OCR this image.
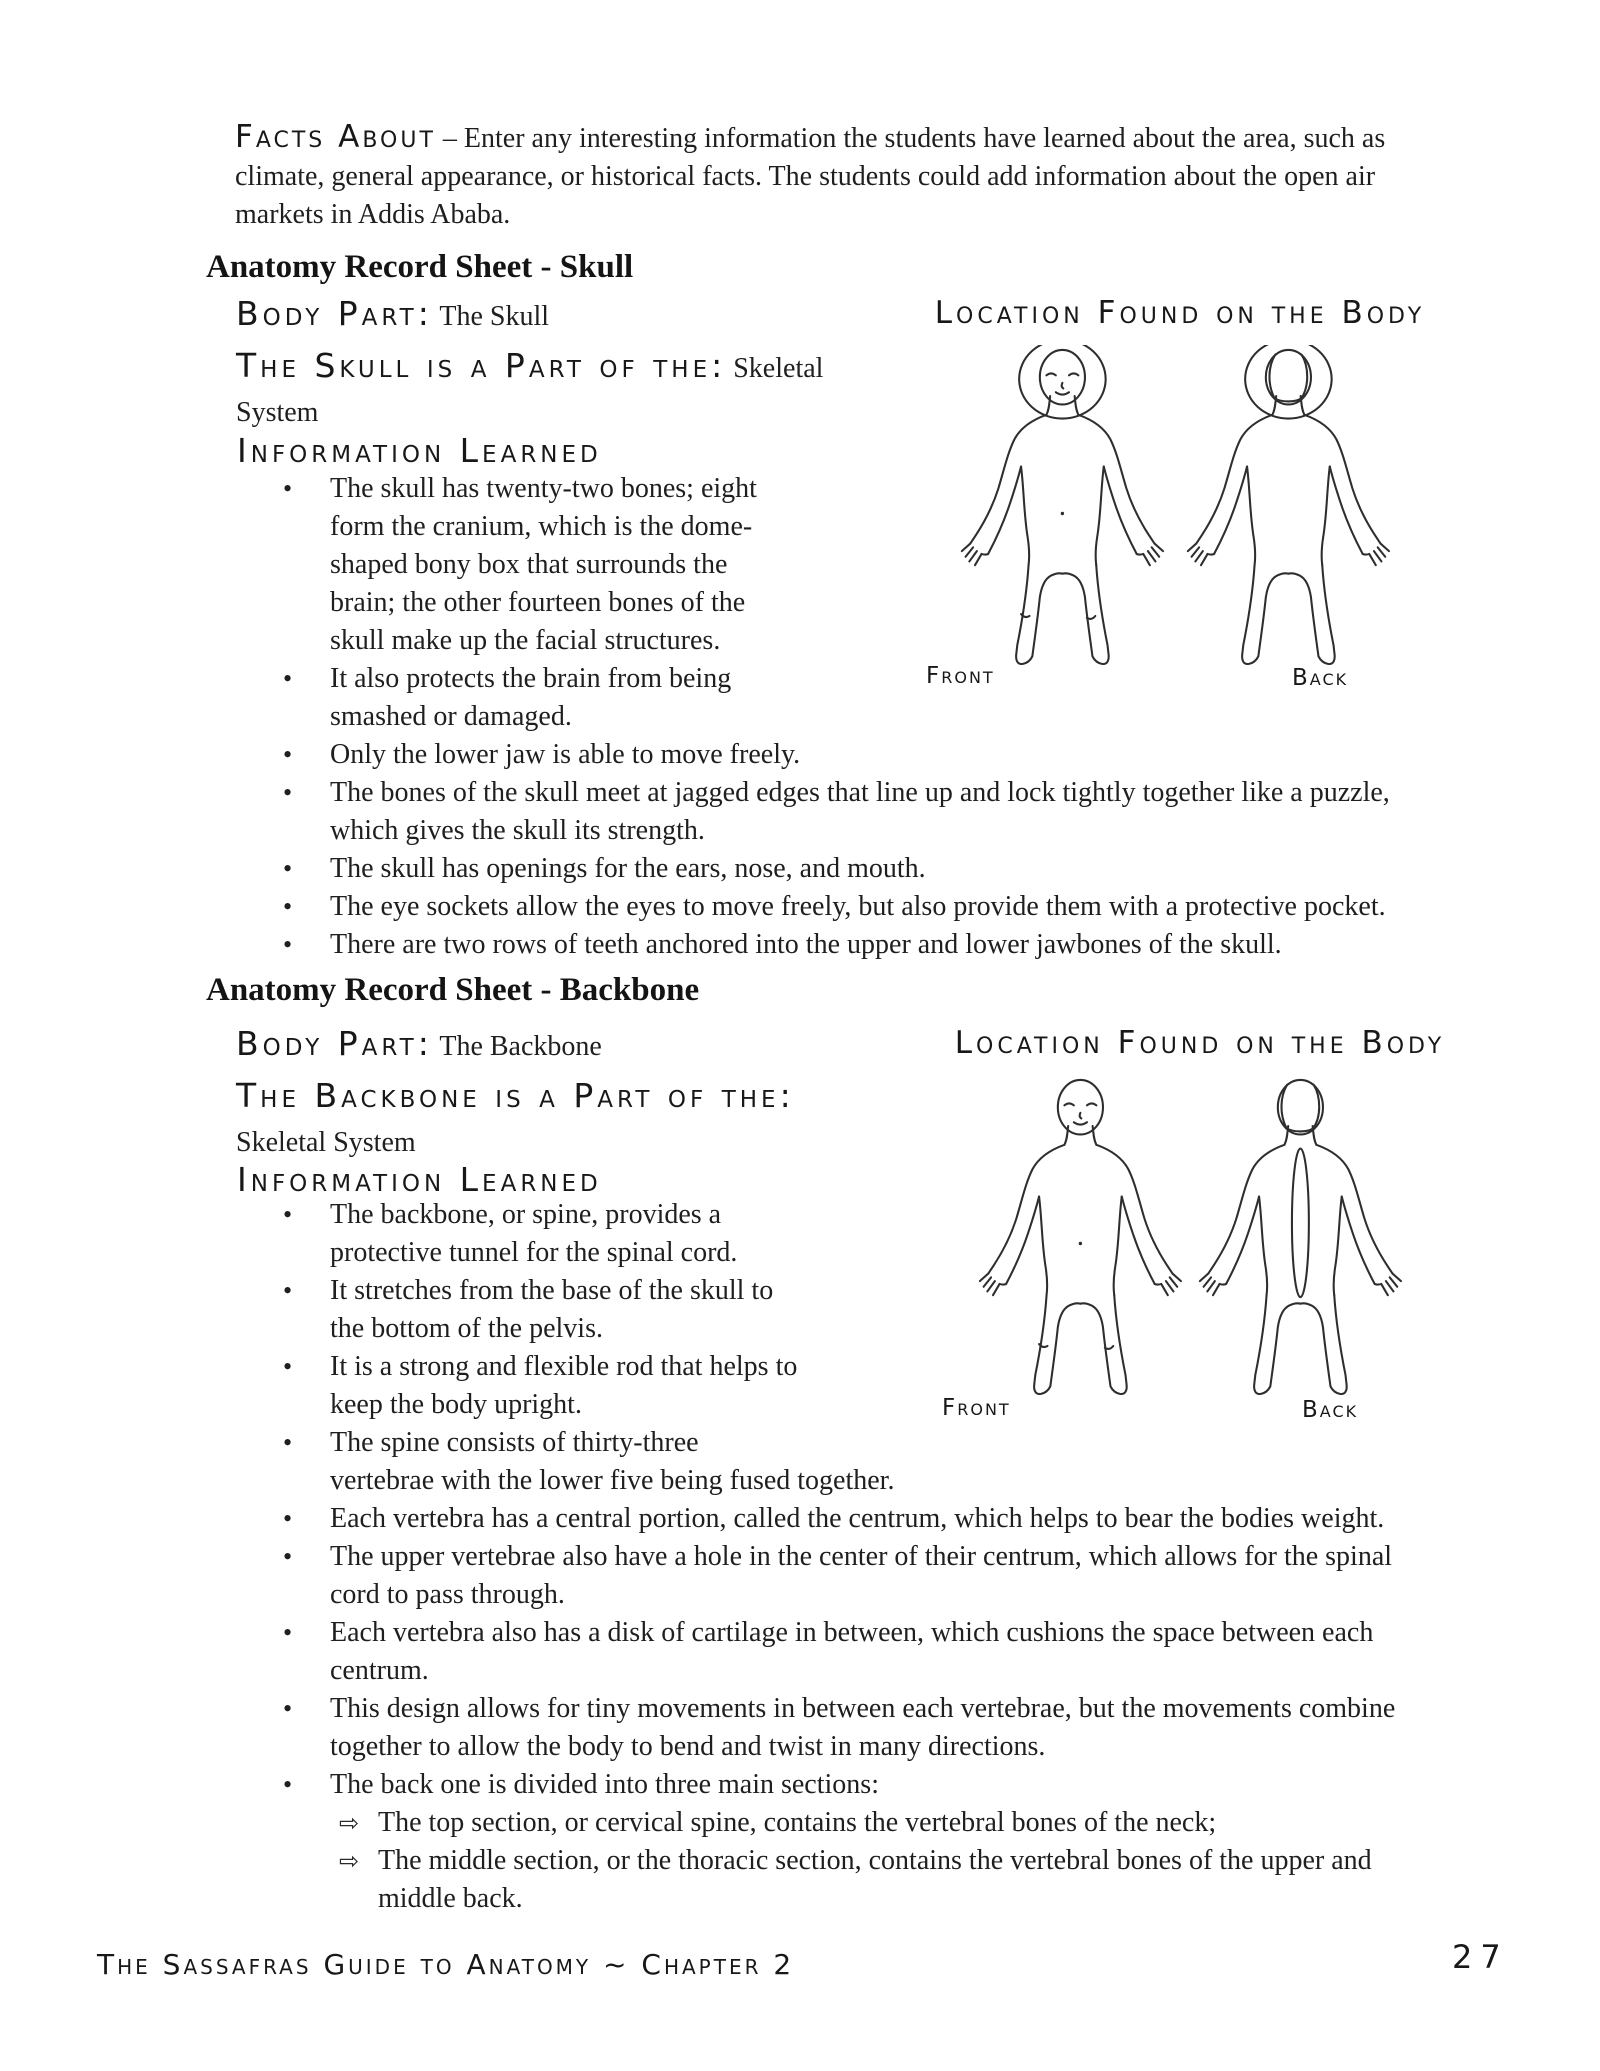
Facts About – Enter any interesting information the students have learned about the area, such as
climate, general appearance, or historical facts. The students could add information about the open air
markets in Addis Ababa.
Anatomy Record Sheet - Skull
Body Part: The Skull
The Skull is a Part of the: Skeletal
System
Information Learned
•	The skull has twenty-two bones; eight
form the cranium, which is the dome-
shaped bony box that surrounds the
brain; the other fourteen bones of the
skull make up the facial structures.
•	It also protects the brain from being
smashed or damaged.
•	Only the lower jaw is able to move freely.
•	The bones of the skull meet at jagged edges that line up and lock tightly together like a puzzle,
which gives the skull its strength.
•	The skull has openings for the ears, nose, and mouth.
•	The eye sockets allow the eyes to move freely, but also provide them with a protective pocket.
•	There are two rows of teeth anchored into the upper and lower jawbones of the skull.
Location Found on the Body
Front	Back
Anatomy Record Sheet - Backbone
Body Part: The Backbone
The Backbone is a Part of the:
Skeletal System
Information Learned
•	The backbone, or spine, provides a
protective tunnel for the spinal cord.
•	It stretches from the base of the skull to
the bottom of the pelvis.
•	It is a strong and flexible rod that helps to
keep the body upright.
•	The spine consists of thirty-three
vertebrae with the lower five being fused together.
•	Each vertebra has a central portion, called the centrum, which helps to bear the bodies weight.
•	The upper vertebrae also have a hole in the center of their centrum, which allows for the spinal
cord to pass through.
•	Each vertebra also has a disk of cartilage in between, which cushions the space between each
centrum.
•	This design allows for tiny movements in between each vertebrae, but the movements combine
together to allow the body to bend and twist in many directions.
•	The back one is divided into three main sections:
⇨ The top section, or cervical spine, contains the vertebral bones of the neck;
⇨ The middle section, or the thoracic section, contains the vertebral bones of the upper and
middle back.
Location Found on the Body
Front	Back
The Sassafras Guide to Anatomy ~ Chapter 2	27
